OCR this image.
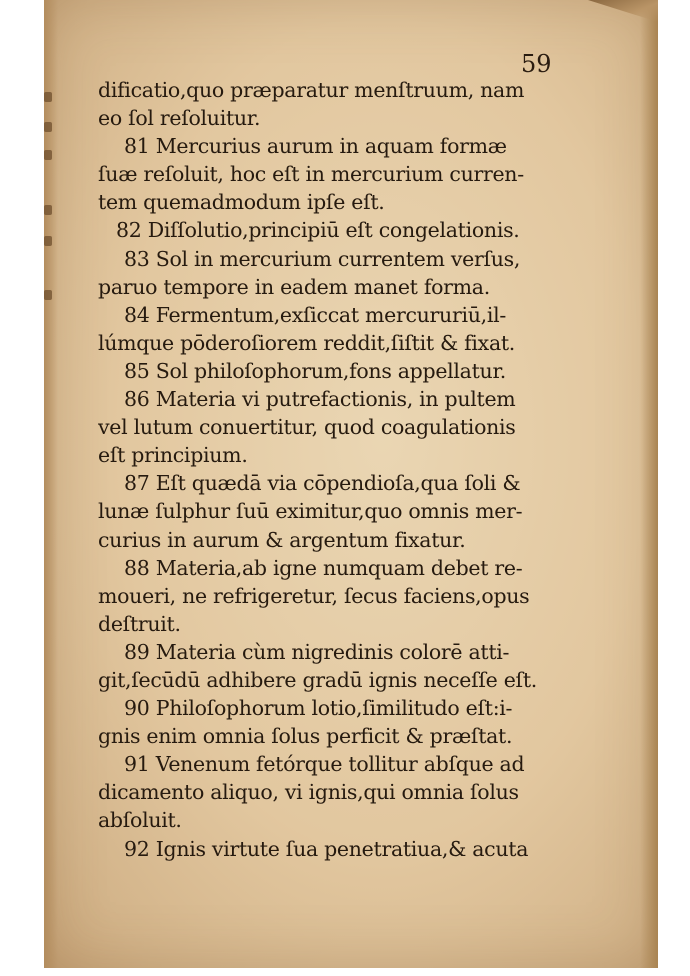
59

dificatio,quo præparatur menſtruum, nam
eo ſol reſoluitur.
81 Mercurius aurum in aquam formæ
ſuæ reſoluit, hoc eſt in mercurium curren-
tem quemadmodum ipſe eſt.
82 Diſſolutio,principiū eſt congelationis.
83 Sol in mercurium currentem verſus,
paruo tempore in eadem manet forma.
84 Fermentum,exſiccat mercururiū,il-
lúmque pōderoſiorem reddit,ſiſtit & fixat.
85 Sol philoſophorum,fons appellatur.
86 Materia vi putrefactionis, in pultem
vel lutum conuertitur, quod coagulationis
eſt principium.
87 Eſt quædā via cōpendioſa,qua ſoli &
lunæ ſulphur ſuū eximitur,quo omnis mer-
curius in aurum & argentum fixatur.
88 Materia,ab igne numquam debet re-
moueri, ne refrigeretur, ſecus faciens,opus
deſtruit.
89 Materia cùm nigredinis colorē atti-
git,ſecūdū adhibere gradū ignis neceſſe eſt.
90 Philoſophorum lotio,ſimilitudo eſt:i-
gnis enim omnia ſolus perficit & præſtat.
91 Venenum fetórque tollitur abſque ad
dicamento aliquo, vi ignis,qui omnia ſolus
abſoluit.
92 Ignis virtute ſua penetratiua,& acuta
